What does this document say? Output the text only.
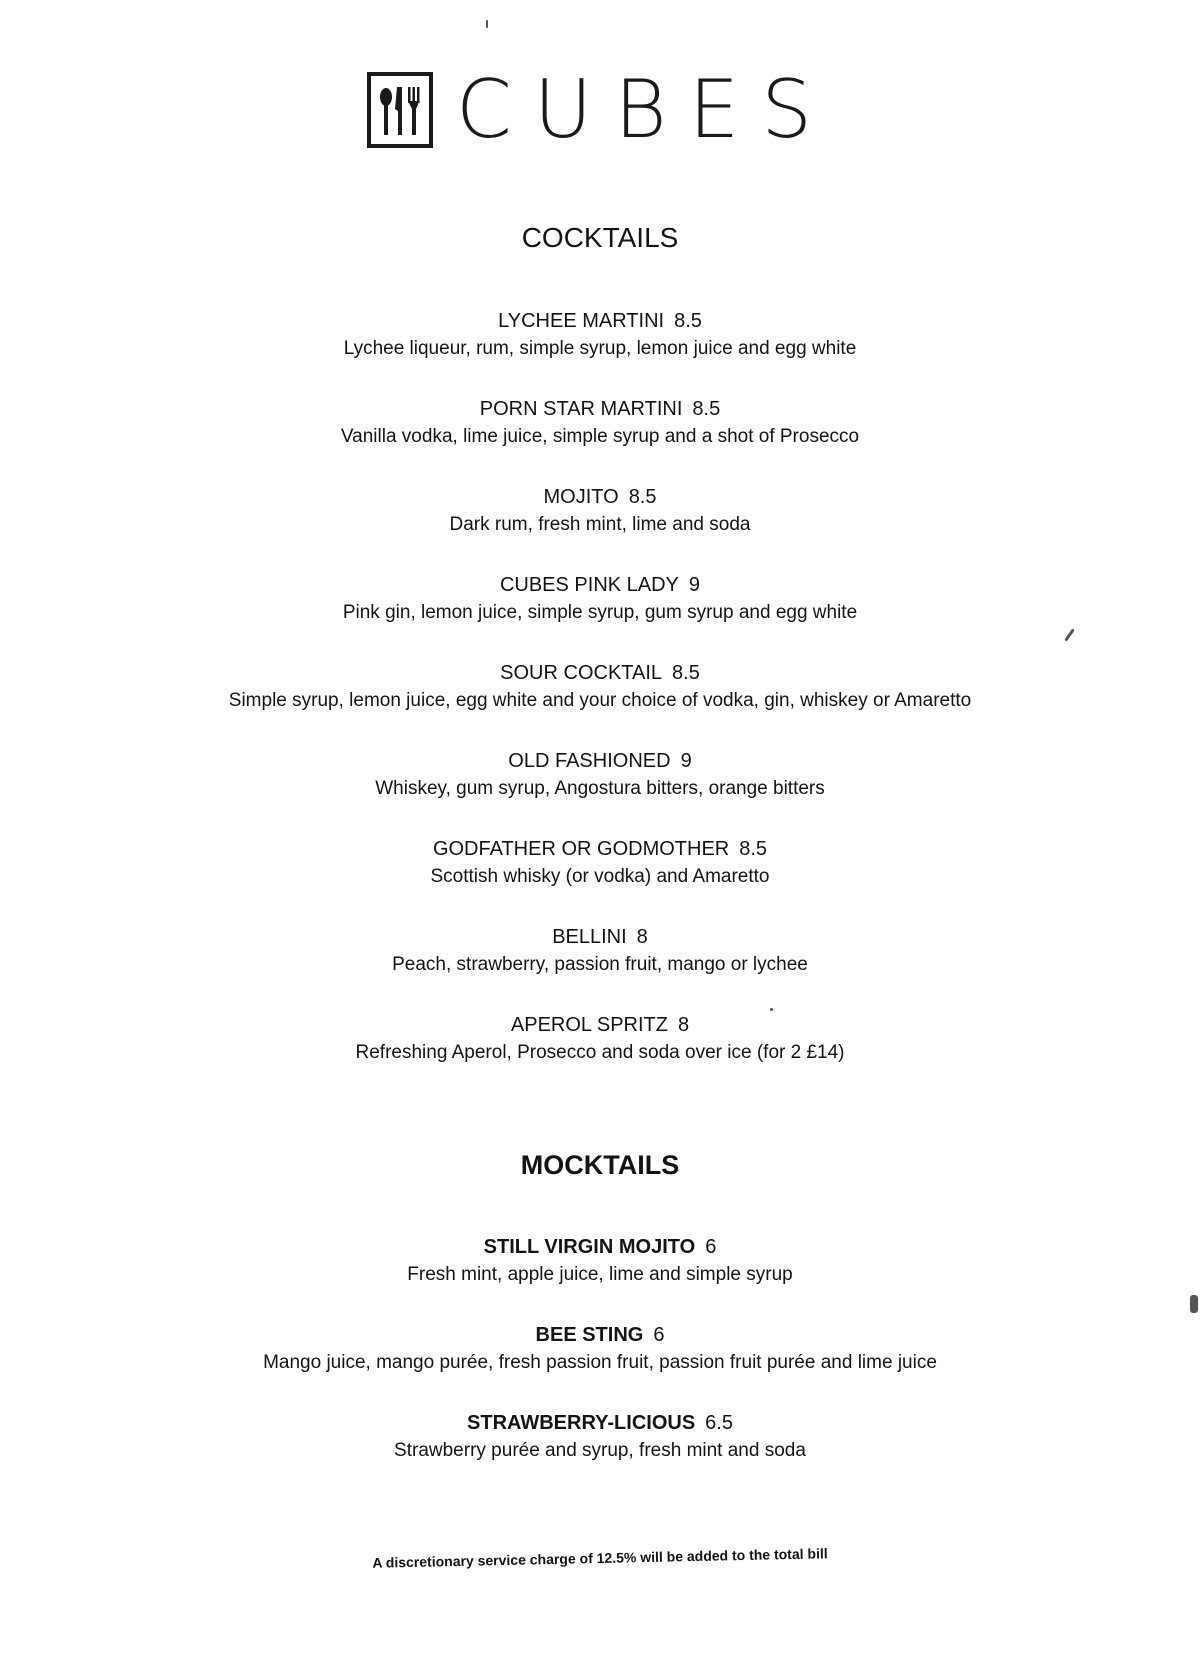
CUBES
COCKTAILS
LYCHEE MARTINI 8.5
Lychee liqueur, rum, simple syrup, lemon juice and egg white
PORN STAR MARTINI 8.5
Vanilla vodka, lime juice, simple syrup and a shot of Prosecco
MOJITO 8.5
Dark rum, fresh mint, lime and soda
CUBES PINK LADY 9
Pink gin, lemon juice, simple syrup, gum syrup and egg white
SOUR COCKTAIL 8.5
Simple syrup, lemon juice, egg white and your choice of vodka, gin, whiskey or Amaretto
OLD FASHIONED 9
Whiskey, gum syrup, Angostura bitters, orange bitters
GODFATHER OR GODMOTHER 8.5
Scottish whisky (or vodka) and Amaretto
BELLINI 8
Peach, strawberry, passion fruit, mango or lychee
APEROL SPRITZ 8
Refreshing Aperol, Prosecco and soda over ice (for 2 £14)
MOCKTAILS
STILL VIRGIN MOJITO 6
Fresh mint, apple juice, lime and simple syrup
BEE STING 6
Mango juice, mango purée, fresh passion fruit, passion fruit purée and lime juice
STRAWBERRY-LICIOUS 6.5
Strawberry purée and syrup, fresh mint and soda
A discretionary service charge of 12.5% will be added to the total bill
